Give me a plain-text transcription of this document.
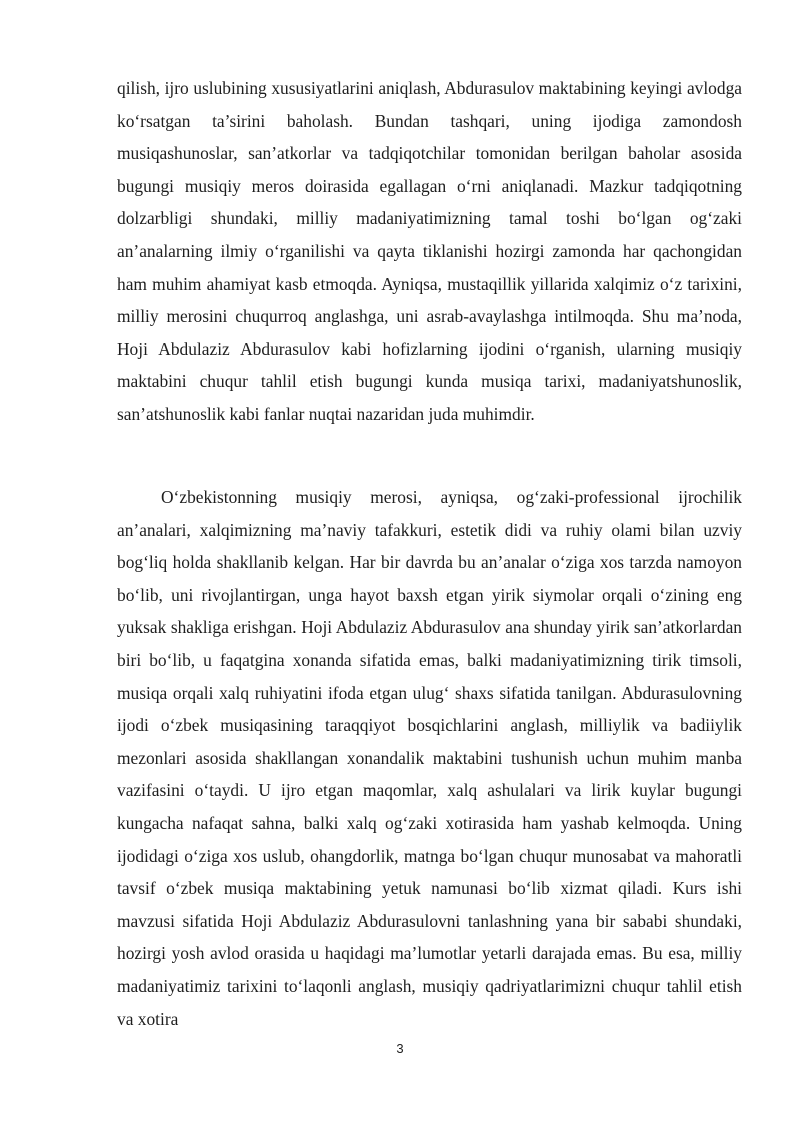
qilish, ijro uslubining xususiyatlarini aniqlash, Abdurasulov maktabining keyingi avlodga ko‘rsatgan ta’sirini baholash. Bundan tashqari, uning ijodiga zamondosh musiqashunoslar, san’atkorlar va tadqiqotchilar tomonidan berilgan baholar asosida bugungi musiqiy meros doirasida egallagan o‘rni aniqlanadi. Mazkur tadqiqotning dolzarbligi shundaki, milliy madaniyatimizning tamal toshi bo‘lgan og‘zaki an’analarning ilmiy o‘rganilishi va qayta tiklanishi hozirgi zamonda har qachongidan ham muhim ahamiyat kasb etmoqda. Ayniqsa, mustaqillik yillarida xalqimiz o‘z tarixini, milliy merosini chuqurroq anglashga, uni asrab-avaylashga intilmoqda. Shu ma’noda, Hoji Abdulaziz Abdurasulov kabi hofizlarning ijodini o‘rganish, ularning musiqiy maktabini chuqur tahlil etish bugungi kunda musiqa tarixi, madaniyatshunoslik, san’atshunoslik kabi fanlar nuqtai nazaridan juda muhimdir.

O‘zbekistonning musiqiy merosi, ayniqsa, og‘zaki-professional ijrochilik an’analari, xalqimizning ma’naviy tafakkuri, estetik didi va ruhiy olami bilan uzviy bog‘liq holda shakllanib kelgan. Har bir davrda bu an’analar o‘ziga xos tarzda namoyon bo‘lib, uni rivojlantirgan, unga hayot baxsh etgan yirik siymolar orqali o‘zining eng yuksak shakliga erishgan. Hoji Abdulaziz Abdurasulov ana shunday yirik san’atkorlardan biri bo‘lib, u faqatgina xonanda sifatida emas, balki madaniyatimizning tirik timsoli, musiqa orqali xalq ruhiyatini ifoda etgan ulug‘ shaxs sifatida tanilgan. Abdurasulovning ijodi o‘zbek musiqasining taraqqiyot bosqichlarini anglash, milliylik va badiiylik mezonlari asosida shakllangan xonandalik maktabini tushunish uchun muhim manba vazifasini o‘taydi. U ijro etgan maqomlar, xalq ashulalari va lirik kuylar bugungi kungacha nafaqat sahna, balki xalq og‘zaki xotirasida ham yashab kelmoqda. Uning ijodidagi o‘ziga xos uslub, ohangdorlik, matnga bo‘lgan chuqur munosabat va mahoratli tavsif o‘zbek musiqa maktabining yetuk namunasi bo‘lib xizmat qiladi. Kurs ishi mavzusi sifatida Hoji Abdulaziz Abdurasulovni tanlashning yana bir sababi shundaki, hozirgi yosh avlod orasida u haqidagi ma’lumotlar yetarli darajada emas. Bu esa, milliy madaniyatimiz tarixini to‘laqonli anglash, musiqiy qadriyatlarimizni chuqur tahlil etish va xotira

3
